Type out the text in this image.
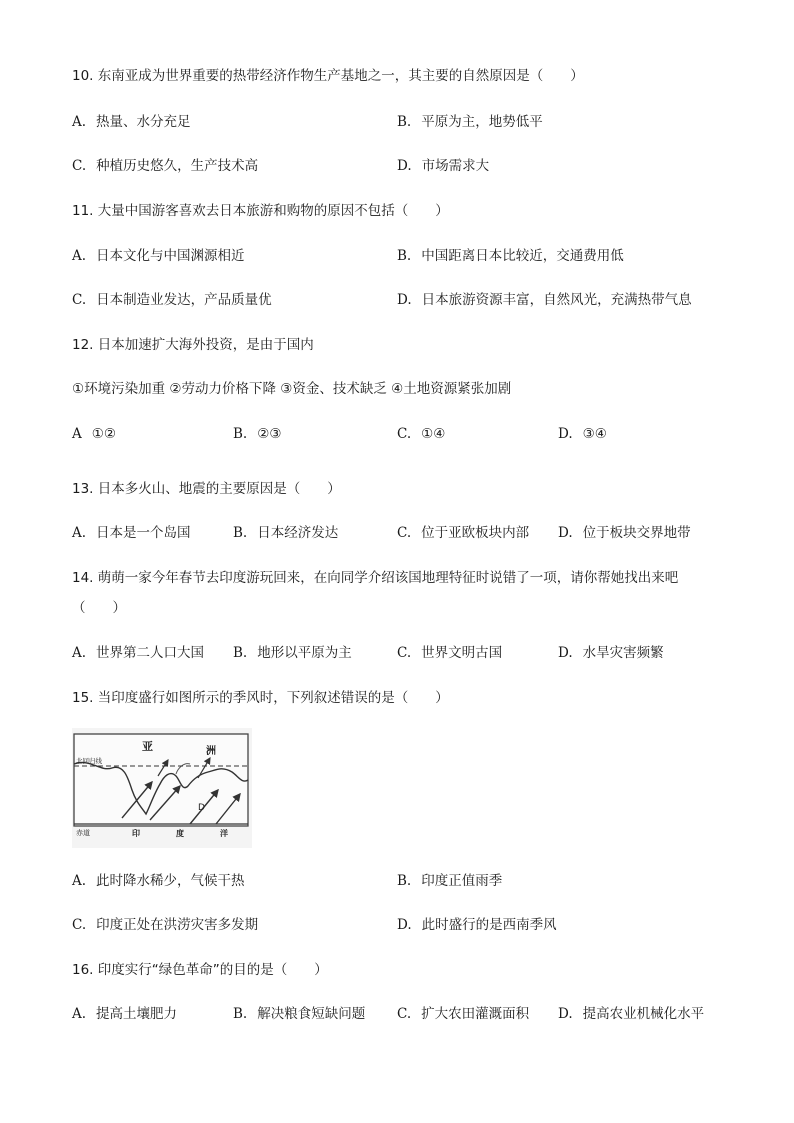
10. 东南亚成为世界重要的热带经济作物生产基地之一，其主要的自然原因是（　　）
A. 热量、水分充足	B. 平原为主，地势低平
C. 种植历史悠久，生产技术高	D. 市场需求大
11. 大量中国游客喜欢去日本旅游和购物的原因不包括（　　）
A. 日本文化与中国渊源相近	B. 中国距离日本比较近，交通费用低
C. 日本制造业发达，产品质量优	D. 日本旅游资源丰富，自然风光，充满热带气息
12. 日本加速扩大海外投资，是由于国内
①环境污染加重 ②劳动力价格下降 ③资金、技术缺乏 ④土地资源紧张加剧
A ①②	B. ②③	C. ①④	D. ③④
13. 日本多火山、地震的主要原因是（　　）
A. 日本是一个岛国	B. 日本经济发达	C. 位于亚欧板块内部 D. 位于板块交界地带
14. 萌萌一家今年春节去印度游玩回来，在向同学介绍该国地理特征时说错了一项，请你帮她找出来吧
（　　）
A. 世界第二人口大国 B. 地形以平原为主	C. 世界文明古国	D. 水旱灾害频繁
15. 当印度盛行如图所示的季风时，下列叙述错误的是（　　）
亚	洲
北回归线
赤道	印	度	洋
D
A. 此时降水稀少，气候干热	B. 印度正值雨季
C. 印度正处在洪涝灾害多发期	D. 此时盛行的是西南季风
16. 印度实行“绿色革命”的目的是（　　）
A. 提高土壤肥力	B. 解决粮食短缺问题 C. 扩大农田灌溉面积 D. 提高农业机械化水平
